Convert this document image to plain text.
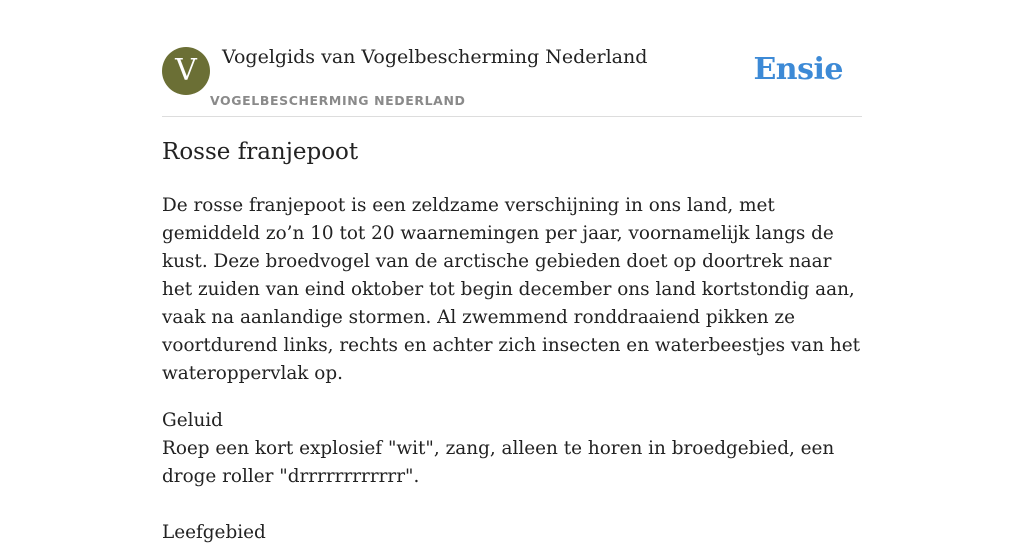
V	Vogelgids van Vogelbescherming Nederland
VOGELBESCHERMING NEDERLAND
Ensie
Rosse franjepoot

De rosse franjepoot is een zeldzame verschijning in ons land, met gemiddeld zo’n 10 tot 20 waarnemingen per jaar, voornamelijk langs de kust. Deze broedvogel van de arctische gebieden doet op doortrek naar het zuiden van eind oktober tot begin december ons land kortstondig aan, vaak na aanlandige stormen. Al zwemmend ronddraaiend pikken ze voortdurend links, rechts en achter zich insecten en waterbeestjes van het wateroppervlak op.

Geluid
Roep een kort explosief "wit", zang, alleen te horen in broedgebied, een droge roller "drrrrrrrrrrrr".

Leefgebied
